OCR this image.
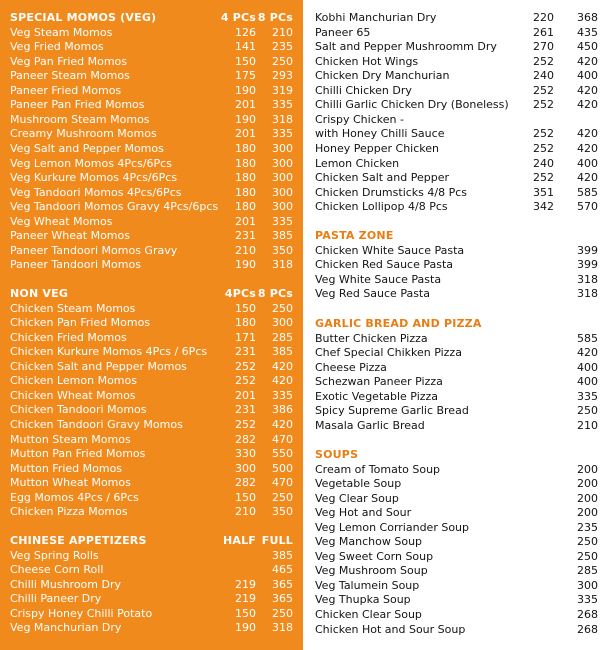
SPECIAL MOMOS (VEG)	4 PCs 8 PCs
Veg Steam Momos	126 210
Veg Fried Momos	141 235
Veg Pan Fried Momos	150 250
Paneer Steam Momos	175 293
Paneer Fried Momos	190 319
Paneer Pan Fried Momos	201 335
Mushroom Steam Momos	190 318
Creamy Mushroom Momos	201 335
Veg Salt and Pepper Momos	180 300
Veg Lemon Momos 4Pcs/6Pcs	180 300
Veg Kurkure Momos 4Pcs/6Pcs	180 300
Veg Tandoori Momos 4Pcs/6Pcs	180 300
Veg Tandoori Momos Gravy 4Pcs/6pcs 180 300
Veg Wheat Momos	201 335
Paneer Wheat Momos	231 385
Paneer Tandoori Momos Gravy	210 350
Paneer Tandoori Momos	190 318
NON VEG	4PCs 8 PCs
Chicken Steam Momos	150 250
Chicken Pan Fried Momos	180 300
Chicken Fried Momos	171 285
Chicken Kurkure Momos 4Pcs / 6Pcs	231 385
Chicken Salt and Pepper Momos	252 420
Chicken Lemon Momos	252 420
Chicken Wheat Momos	201 335
Chicken Tandoori Momos	231 386
Chicken Tandoori Gravy Momos	252 420
Mutton Steam Momos	282 470
Mutton Pan Fried Momos	330 550
Mutton Fried Momos	300 500
Mutton Wheat Momos	282 470
Egg Momos 4Pcs / 6Pcs	150 250
Chicken Pizza Momos	210 350
CHINESE APPETIZERS	HALF FULL
Veg Spring Rolls	385
Cheese Corn Roll	465
Chilli Mushroom Dry	219 365
Chilli Paneer Dry	219 365
Crispy Honey Chilli Potato	150 250
Veg Manchurian Dry	190 318
Kobhi Manchurian Dry	220 368
Paneer 65	261 435
Salt and Pepper Mushroomm Dry	270 450
Chicken Hot Wings	252 420
Chicken Dry Manchurian	240 400
Chilli Chicken Dry	252 420
Chilli Garlic Chicken Dry (Boneless) 252 420
Crispy Chicken -
with Honey Chilli Sauce	252 420
Honey Pepper Chicken	252 420
Lemon Chicken	240 400
Chicken Salt and Pepper	252 420
Chicken Drumsticks 4/8 Pcs	351 585
Chicken Lollipop 4/8 Pcs	342 570
PASTA ZONE
Chicken White Sauce Pasta	399
Chicken Red Sauce Pasta	399
Veg White Sauce Pasta	318
Veg Red Sauce Pasta	318
GARLIC BREAD AND PIZZA
Butter Chicken Pizza	585
Chef Special Chikken Pizza	420
Cheese Pizza	400
Schezwan Paneer Pizza	400
Exotic Vegetable Pizza	335
Spicy Supreme Garlic Bread	250
Masala Garlic Bread	210
SOUPS
Cream of Tomato Soup	200
Vegetable Soup	200
Veg Clear Soup	200
Veg Hot and Sour	200
Veg Lemon Corriander Soup	235
Veg Manchow Soup	250
Veg Sweet Corn Soup	250
Veg Mushroom Soup	285
Veg Talumein Soup	300
Veg Thupka Soup	335
Chicken Clear Soup	268
Chicken Hot and Sour Soup	268
